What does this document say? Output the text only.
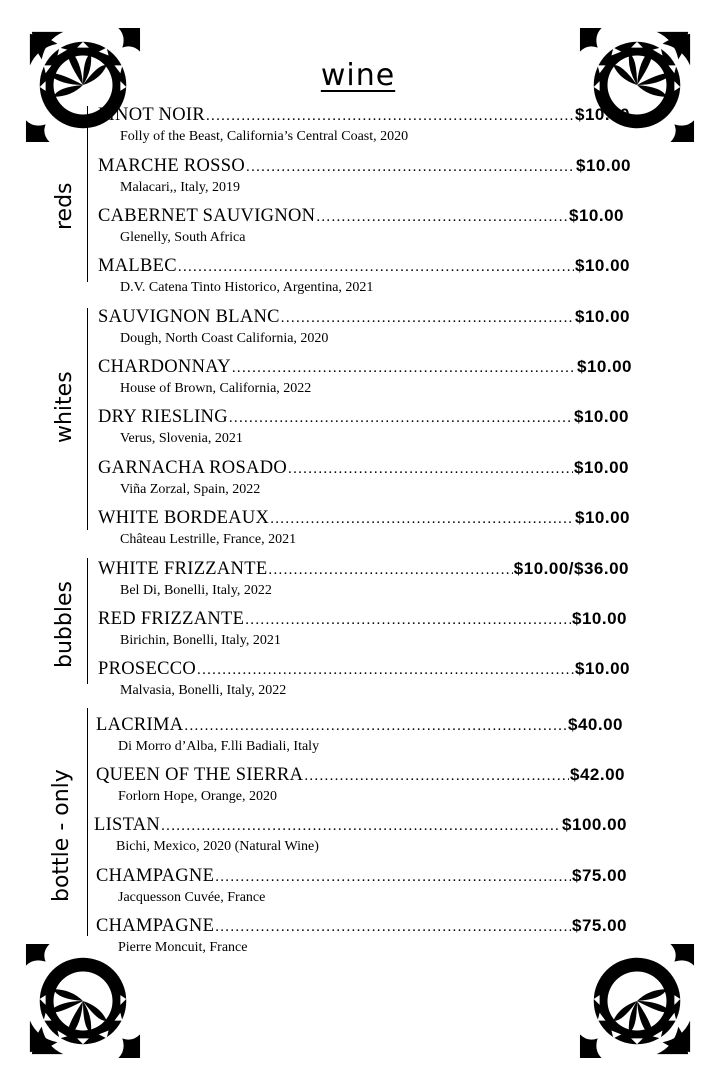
wine
reds
whites
bubbles
bottle - only
PINOT NOIR .....	$10.00
Folly of the Beast, California’s Central Coast, 2020
MARCHE ROSSO .....	$10.00
Malacari,, Italy, 2019
CABERNET SAUVIGNON .....	$10.00
Glenelly, South Africa
MALBEC .....	$10.00
D.V. Catena Tinto Historico, Argentina, 2021
SAUVIGNON BLANC .....	$10.00
Dough, North Coast California, 2020
CHARDONNAY .....	$10.00
House of Brown, California, 2022
DRY RIESLING .....	$10.00
Verus, Slovenia, 2021
GARNACHA ROSADO .....	$10.00
Viña Zorzal, Spain, 2022
WHITE BORDEAUX .....	$10.00
Château Lestrille, France, 2021
WHITE FRIZZANTE .....	$10.00/$36.00
Bel Di, Bonelli, Italy, 2022
RED FRIZZANTE .....	$10.00
Birichin, Bonelli, Italy, 2021
PROSECCO .....	$10.00
Malvasia, Bonelli, Italy, 2022
LACRIMA .....	$40.00
Di Morro d’Alba, F.lli Badiali, Italy
QUEEN OF THE SIERRA .....	$42.00
Forlorn Hope, Orange, 2020
LISTAN .....	$100.00
Bichi, Mexico, 2020 (Natural Wine)
CHAMPAGNE .....	$75.00
Jacquesson Cuvée, France
CHAMPAGNE .....	$75.00
Pierre Moncuit, France
